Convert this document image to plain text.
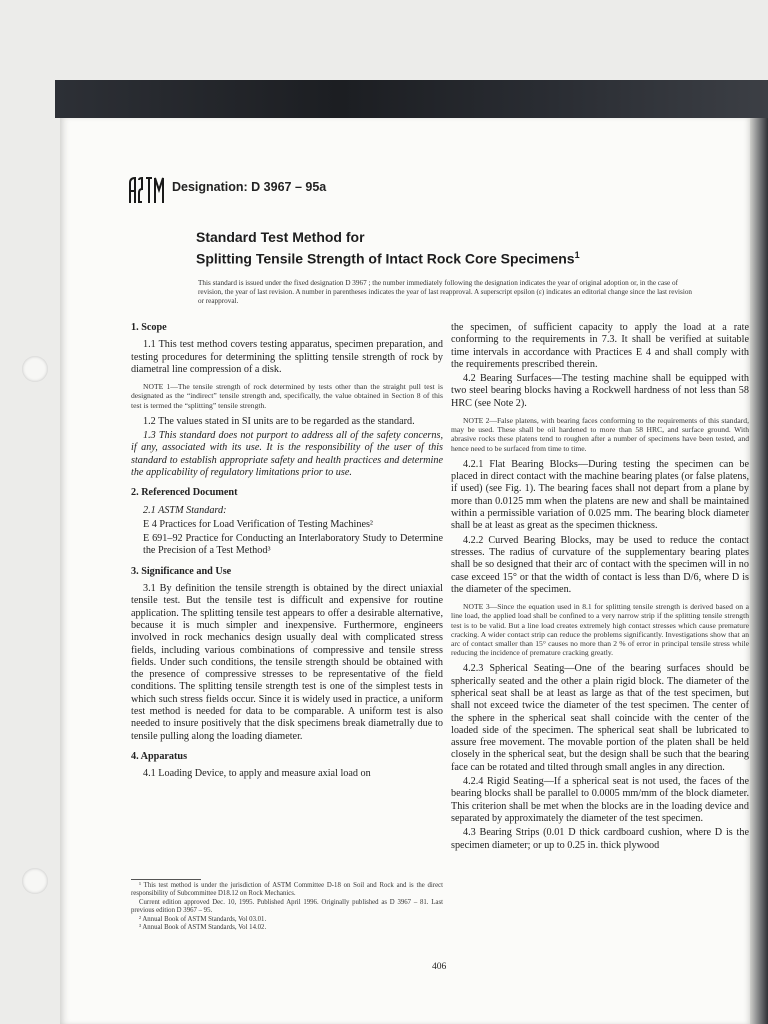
Designation: D 3967 – 95a
Standard Test Method for
Splitting Tensile Strength of Intact Rock Core Specimens$^1$
This standard is issued under the fixed designation D 3967 ; the number immediately following the designation indicates the year of original adoption or, in the case of revision, the year of last revision. A number in parentheses indicates the year of last reapproval. A superscript epsilon (ε) indicates an editorial change since the last revision or reapproval.
1. Scope

1.1 This test method covers testing apparatus, specimen preparation, and testing procedures for determining the splitting tensile strength of rock by diametral line compression of a disk.

NOTE 1—The tensile strength of rock determined by tests other than the straight pull test is designated as the “indirect” tensile strength and, specifically, the value obtained in Section 8 of this test is termed the “splitting” tensile strength.

1.2 The values stated in SI units are to be regarded as the standard.

1.3 This standard does not purport to address all of the safety concerns, if any, associated with its use. It is the responsibility of the user of this standard to establish appropriate safety and health practices and determine the applicability of regulatory limitations prior to use.

2. Referenced Document

2.1 ASTM Standard:

E 4 Practices for Load Verification of Testing Machines²

E 691–92 Practice for Conducting an Interlaboratory Study to Determine the Precision of a Test Method³

3. Significance and Use

3.1 By definition the tensile strength is obtained by the direct uniaxial tensile test. But the tensile test is difficult and expensive for routine application. The splitting tensile test appears to offer a desirable alternative, because it is much simpler and inexpensive. Furthermore, engineers involved in rock mechanics design usually deal with complicated stress fields, including various combinations of compressive and tensile stress fields. Under such conditions, the tensile strength should be obtained with the presence of compressive stresses to be representative of the field conditions. The splitting tensile strength test is one of the simplest tests in which such stress fields occur. Since it is widely used in practice, a uniform test method is needed for data to be comparable. A uniform test is also needed to insure positively that the disk specimens break diametrally due to tensile pulling along the loading diameter.

4. Apparatus

4.1 Loading Device, to apply and measure axial load on

the specimen, of sufficient capacity to apply the load at a rate conforming to the requirements in 7.3. It shall be verified at suitable time intervals in accordance with Practices E 4 and shall comply with the requirements prescribed therein.

4.2 Bearing Surfaces—The testing machine shall be equipped with two steel bearing blocks having a Rockwell hardness of not less than 58 HRC (see Note 2).

NOTE 2—False platens, with bearing faces conforming to the requirements of this standard, may be used. These shall be oil hardened to more than 58 HRC, and surface ground. With abrasive rocks these platens tend to roughen after a number of specimens have been tested, and hence need to be surfaced from time to time.

4.2.1 Flat Bearing Blocks—During testing the specimen can be placed in direct contact with the machine bearing plates (or false platens, if used) (see Fig. 1). The bearing faces shall not depart from a plane by more than 0.0125 mm when the platens are new and shall be maintained within a permissible variation of 0.025 mm. The bearing block diameter shall be at least as great as the specimen thickness.

4.2.2 Curved Bearing Blocks, may be used to reduce the contact stresses. The radius of curvature of the supplementary bearing plates shall be so designed that their arc of contact with the specimen will in no case exceed 15° or that the width of contact is less than D/6, where D is the diameter of the specimen.

NOTE 3—Since the equation used in 8.1 for splitting tensile strength is derived based on a line load, the applied load shall be confined to a very narrow strip if the splitting tensile strength test is to be valid. But a line load creates extremely high contact stresses which cause premature cracking. A wider contact strip can reduce the problems significantly. Investigations show that an arc of contact smaller than 15° causes no more than 2 % of error in principal tensile stress while reducing the incidence of premature cracking greatly.

4.2.3 Spherical Seating—One of the bearing surfaces should be spherically seated and the other a plain rigid block. The diameter of the spherical seat shall be at least as large as that of the test specimen, but shall not exceed twice the diameter of the test specimen. The center of the sphere in the spherical seat shall coincide with the center of the loaded side of the specimen. The spherical seat shall be lubricated to assure free movement. The movable portion of the platen shall be held closely in the spherical seat, but the design shall be such that the bearing face can be rotated and tilted through small angles in any direction.

4.2.4 Rigid Seating—If a spherical seat is not used, the faces of the bearing blocks shall be parallel to 0.0005 mm/mm of the block diameter. This criterion shall be met when the blocks are in the loading device and separated by approximately the diameter of the test specimen.

4.3 Bearing Strips (0.01 D thick cardboard cushion, where D is the specimen diameter; or up to 0.25 in. thick plywood

¹ This test method is under the jurisdiction of ASTM Committee D-18 on Soil and Rock and is the direct responsibility of Subcommittee D18.12 on Rock Mechanics.

Current edition approved Dec. 10, 1995. Published April 1996. Originally published as D 3967 – 81. Last previous edition D 3967 – 95.

² Annual Book of ASTM Standards, Vol 03.01.

³ Annual Book of ASTM Standards, Vol 14.02.

406
